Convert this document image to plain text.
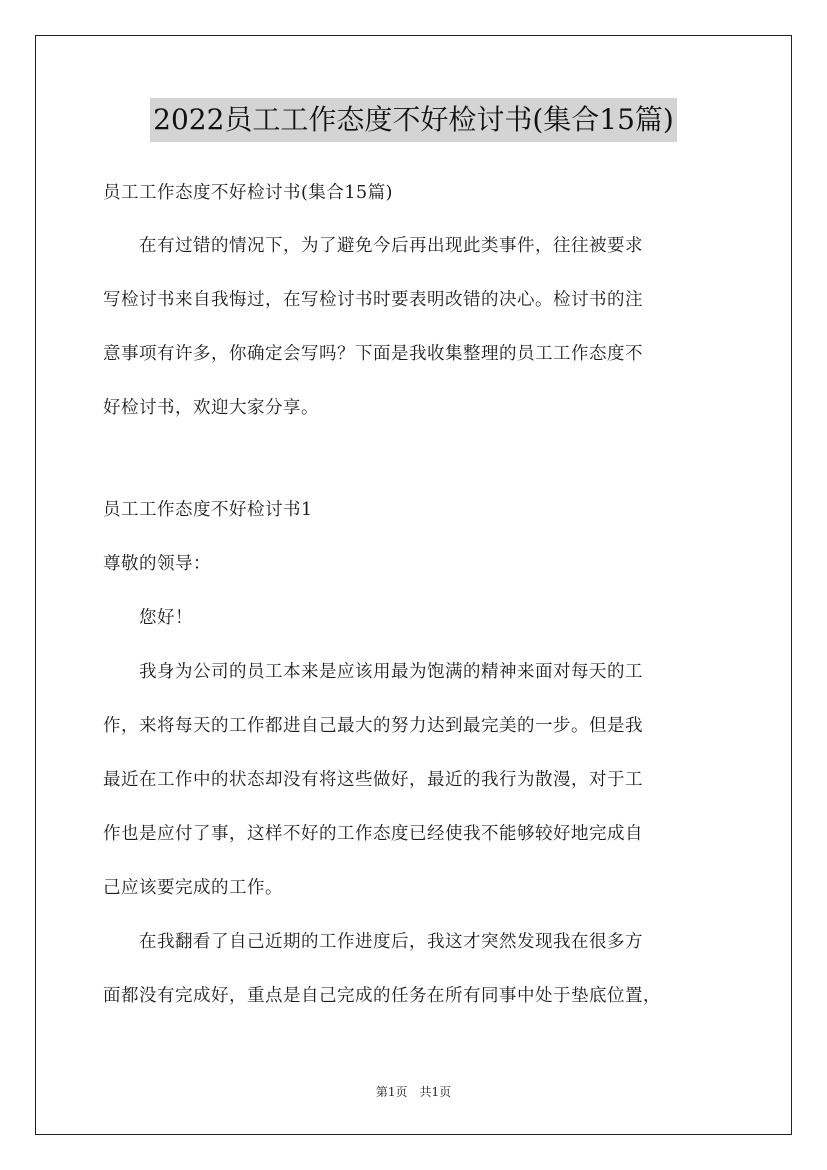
2022员工工作态度不好检讨书(集合15篇)
员工工作态度不好检讨书(集合15篇)
　　在有过错的情况下，为了避免今后再出现此类事件，往往被要求
写检讨书来自我悔过，在写检讨书时要表明改错的决心。检讨书的注
意事项有许多，你确定会写吗？下面是我收集整理的员工工作态度不
好检讨书，欢迎大家分享。
员工工作态度不好检讨书1
尊敬的领导：
　　您好！
　　我身为公司的员工本来是应该用最为饱满的精神来面对每天的工
作，来将每天的工作都进自己最大的努力达到最完美的一步。但是我
最近在工作中的状态却没有将这些做好，最近的我行为散漫，对于工
作也是应付了事，这样不好的工作态度已经使我不能够较好地完成自
己应该要完成的工作。
　　在我翻看了自己近期的工作进度后，我这才突然发现我在很多方
面都没有完成好，重点是自己完成的任务在所有同事中处于垫底位置，
第1页　共1页
